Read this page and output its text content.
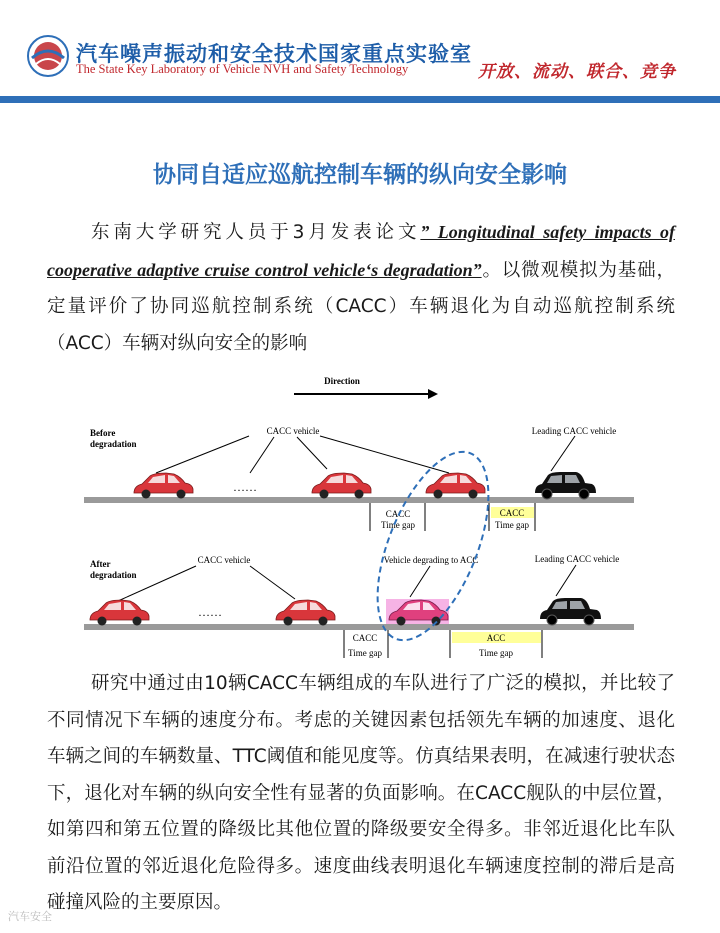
汽车噪声振动和安全技术国家重点实验室
The State Key Laboratory of Vehicle NVH and Safety Technology	开放、流动、联合、竞争
协同自适应巡航控制车辆的纵向安全影响
东南大学研究人员于3月发表论文” Longitudinal safety impacts of cooperative adaptive cruise control vehicle‘s degradation”。以微观模拟为基础，定量评价了协同巡航控制系统（CACC）车辆退化为自动巡航控制系统（ACC）车辆对纵向安全的影响
Direction
Before
degradation
CACC vehicle	Leading CACC vehicle
……
CACC
Time gap
CACC
Time gap
After
degradation
CACC vehicle	Vehicle degrading to ACC	Leading CACC vehicle
……
CACC
Time gap
ACC
Time gap
研究中通过由10辆CACC车辆组成的车队进行了广泛的模拟，并比较了不同情况下车辆的速度分布。考虑的关键因素包括领先车辆的加速度、退化车辆之间的车辆数量、TTC阈值和能见度等。仿真结果表明，在减速行驶状态下，退化对车辆的纵向安全性有显著的负面影响。在CACC舰队的中层位置，如第四和第五位置的降级比其他位置的降级要安全得多。非邻近退化比车队前沿位置的邻近退化危险得多。速度曲线表明退化车辆速度控制的滞后是高碰撞风险的主要原因。
汽车安全
